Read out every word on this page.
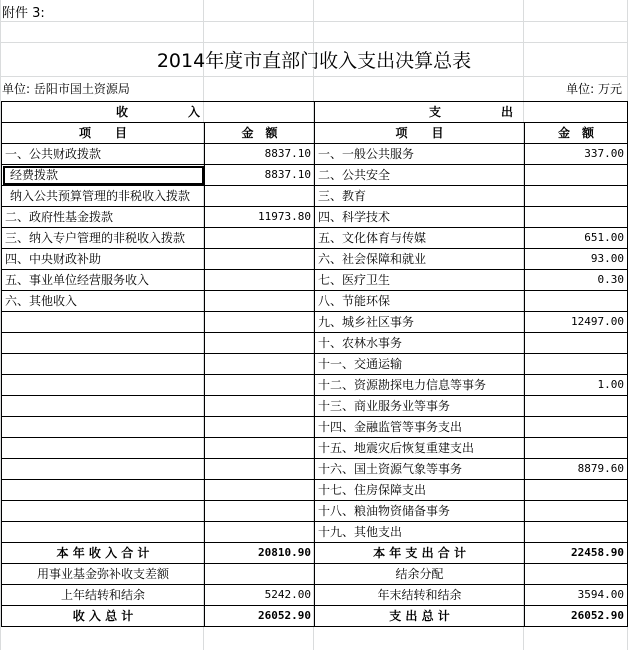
附件 3:
2014年度市直部门收入支出决算总表
单位: 岳阳市国土资源局	单位: 万元
收　　　　　入		支　　　　　出	
项　　目	金　额	项　　目	金　额
一、公共财政拨款	8837.10	一、一般公共服务	337.00
经费拨款	8837.10	二、公共安全	
纳入公共预算管理的非税收入拨款		三、教育	
二、政府性基金拨款	11973.80	四、科学技术	
三、纳入专户管理的非税收入拨款		五、文化体育与传媒	651.00
四、中央财政补助		六、社会保障和就业	93.00
五、事业单位经营服务收入		七、医疗卫生	0.30
六、其他收入		八、节能环保	
		九、城乡社区事务	12497.00
		十、农林水事务	
		十一、交通运输	
		十二、资源勘探电力信息等事务	1.00
		十三、商业服务业等事务	
		十四、金融监管等事务支出	
		十五、地震灾后恢复重建支出	
		十六、国土资源气象等事务	8879.60
		十七、住房保障支出	
		十八、粮油物资储备事务	
		十九、其他支出	
本 年 收 入 合 计	20810.90	本 年 支 出 合 计	22458.90
用事业基金弥补收支差额		结余分配	
上年结转和结余	5242.00	年末结转和结余	3594.00
收 入 总 计	26052.90	支 出 总 计	26052.90
